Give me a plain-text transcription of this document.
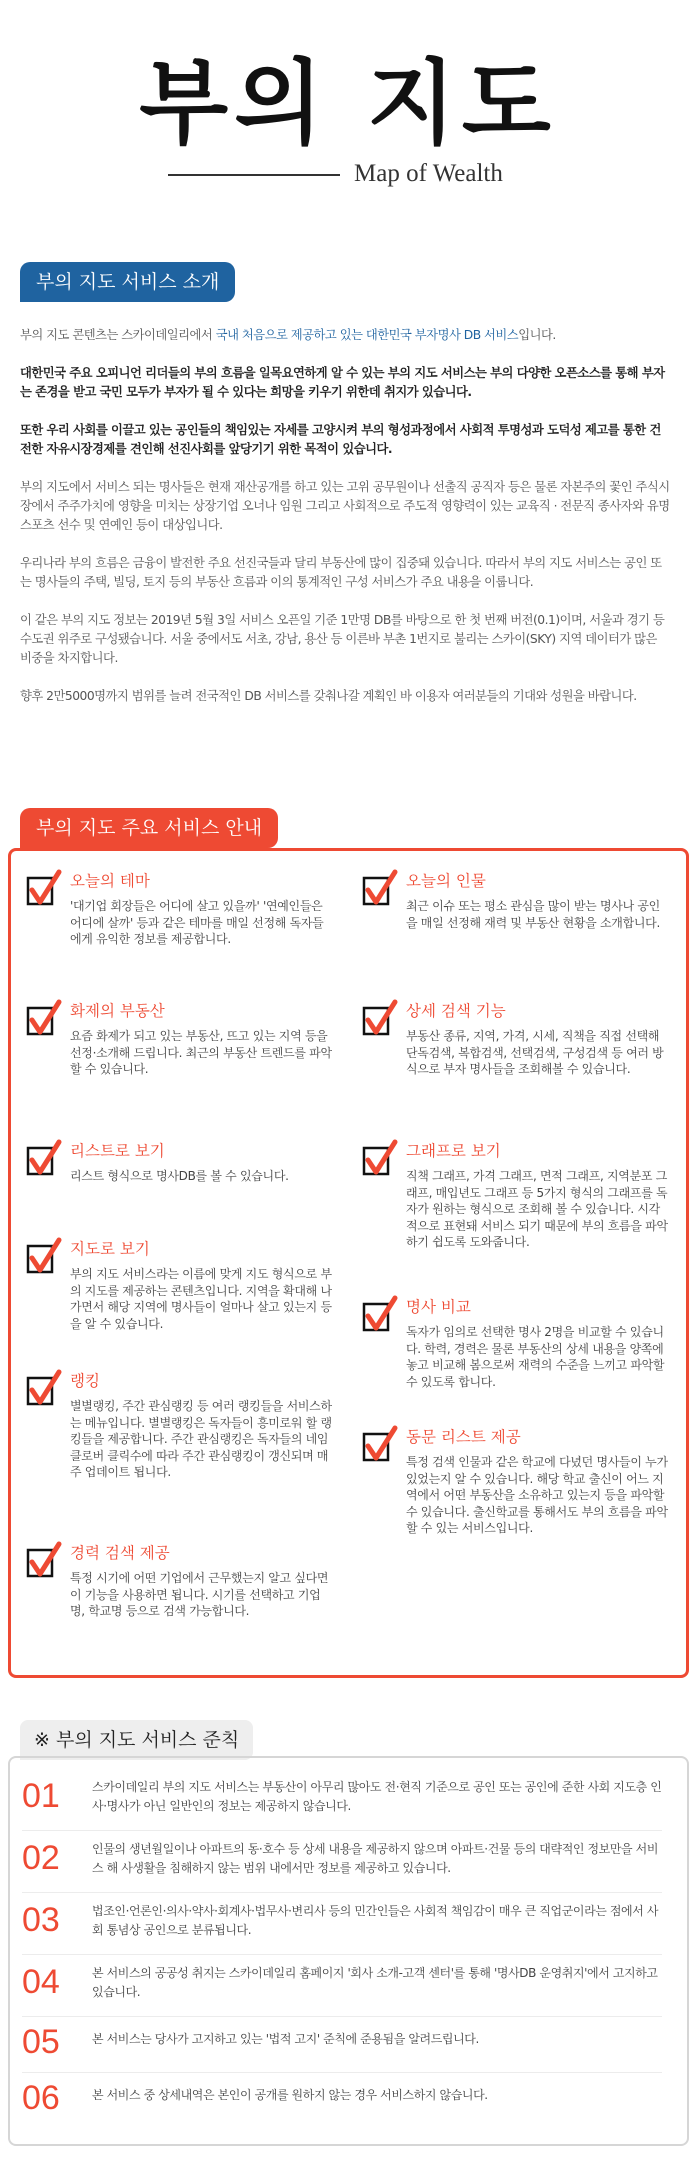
부의 지도
Map of Wealth
부의 지도 서비스 소개

부의 지도 콘텐츠는 스카이데일리에서 국내 처음으로 제공하고 있는 대한민국 부자명사 DB 서비스입니다.

대한민국 주요 오피니언 리더들의 부의 흐름을 일목요연하게 알 수 있는 부의 지도 서비스는 부의 다양한 오픈소스를 통해 부자는 존경을 받고 국민 모두가 부자가 될 수 있다는 희망을 키우기 위한데 취지가 있습니다.

또한 우리 사회를 이끌고 있는 공인들의 책임있는 자세를 고양시켜 부의 형성과정에서 사회적 투명성과 도덕성 제고를 통한 건전한 자유시장경제를 견인해 선진사회를 앞당기기 위한 목적이 있습니다.

부의 지도에서 서비스 되는 명사들은 현재 재산공개를 하고 있는 고위 공무원이나 선출직 공직자 등은 물론 자본주의 꽃인 주식시장에서 주주가치에 영향을 미치는 상장기업 오너나 임원 그리고 사회적으로 주도적 영향력이 있는 교육직 · 전문직 종사자와 유명 스포츠 선수 및 연예인 등이 대상입니다.

우리나라 부의 흐름은 금융이 발전한 주요 선진국들과 달리 부동산에 많이 집중돼 있습니다. 따라서 부의 지도 서비스는 공인 또는 명사들의 주택, 빌딩, 토지 등의 부동산 흐름과 이의 통계적인 구성 서비스가 주요 내용을 이룹니다.

이 같은 부의 지도 정보는 2019년 5월 3일 서비스 오픈일 기준 1만명 DB를 바탕으로 한 첫 번째 버전(0.1)이며, 서울과 경기 등 수도권 위주로 구성됐습니다. 서울 중에서도 서초, 강남, 용산 등 이른바 부촌 1번지로 불리는 스카이(SKY) 지역 데이터가 많은 비중을 차지합니다.

향후 2만5000명까지 범위를 늘려 전국적인 DB 서비스를 갖춰나갈 계획인 바 이용자 여러분들의 기대와 성원을 바랍니다.

부의 지도 주요 서비스 안내
오늘의 테마
'대기업 회장들은 어디에 살고 있을까' '연예인들은 어디에 살까' 등과 같은 테마를 매일 선정해 독자들에게 유익한 정보를 제공합니다.
오늘의 인물
최근 이슈 또는 평소 관심을 많이 받는 명사나 공인을 매일 선정해 재력 및 부동산 현황을 소개합니다.
화제의 부동산
요즘 화제가 되고 있는 부동산, 뜨고 있는 지역 등을 선정·소개해 드립니다. 최근의 부동산 트렌드를 파악할 수 있습니다.
상세 검색 기능
부동산 종류, 지역, 가격, 시세, 직책을 직접 선택해 단독검색, 복합검색, 선택검색, 구성검색 등 여러 방식으로 부자 명사들을 조회해볼 수 있습니다.
리스트로 보기
리스트 형식으로 명사DB를 볼 수 있습니다.
그래프로 보기
직책 그래프, 가격 그래프, 면적 그래프, 지역분포 그래프, 매입년도 그래프 등 5가지 형식의 그래프를 독자가 원하는 형식으로 조회해 볼 수 있습니다. 시각적으로 표현돼 서비스 되기 때문에 부의 흐름을 파악하기 쉽도록 도와줍니다.
지도로 보기
부의 지도 서비스라는 이름에 맞게 지도 형식으로 부의 지도를 제공하는 콘텐츠입니다. 지역을 확대해 나가면서 해당 지역에 명사들이 얼마나 살고 있는지 등을 알 수 있습니다.
명사 비교
독자가 임의로 선택한 명사 2명을 비교할 수 있습니다. 학력, 경력은 물론 부동산의 상세 내용을 양쪽에 놓고 비교해 봄으로써 재력의 수준을 느끼고 파악할 수 있도록 합니다.
랭킹
별별랭킹, 주간 관심랭킹 등 여러 랭킹들을 서비스하는 메뉴입니다. 별별랭킹은 독자들이 흥미로워 할 랭킹들을 제공합니다. 주간 관심랭킹은 독자들의 네임클로버 클릭수에 따라 주간 관심랭킹이 갱신되며 매주 업데이트 됩니다.
동문 리스트 제공
특정 검색 인물과 같은 학교에 다녔던 명사들이 누가 있었는지 알 수 있습니다. 해당 학교 출신이 어느 지역에서 어떤 부동산을 소유하고 있는지 등을 파악할 수 있습니다. 출신학교를 통해서도 부의 흐름을 파악할 수 있는 서비스입니다.
경력 검색 제공
특정 시기에 어떤 기업에서 근무했는지 알고 싶다면 이 기능을 사용하면 됩니다. 시기를 선택하고 기업명, 학교명 등으로 검색 가능합니다.
※ 부의 지도 서비스 준칙
01	스카이데일리 부의 지도 서비스는 부동산이 아무리 많아도 전·현직 기준으로 공인 또는 공인에 준한 사회 지도층 인사·명사가 아닌 일반인의 정보는 제공하지 않습니다.
02	인물의 생년월일이나 아파트의 동·호수 등 상세 내용을 제공하지 않으며 아파트·건물 등의 대략적인 정보만을 서비스 해 사생활을 침해하지 않는 범위 내에서만 정보를 제공하고 있습니다.
03	법조인·언론인·의사·약사·회계사·법무사·변리사 등의 민간인들은 사회적 책임감이 매우 큰 직업군이라는 점에서 사회 통념상 공인으로 분류됩니다.
04	본 서비스의 공공성 취지는 스카이데일리 홈페이지 '회사 소개-고객 센터'를 통해 '명사DB 운영취지'에서 고지하고 있습니다.
05	본 서비스는 당사가 고지하고 있는 '법적 고지' 준칙에 준용됨을 알려드립니다.
06	본 서비스 중 상세내역은 본인이 공개를 원하지 않는 경우 서비스하지 않습니다.
